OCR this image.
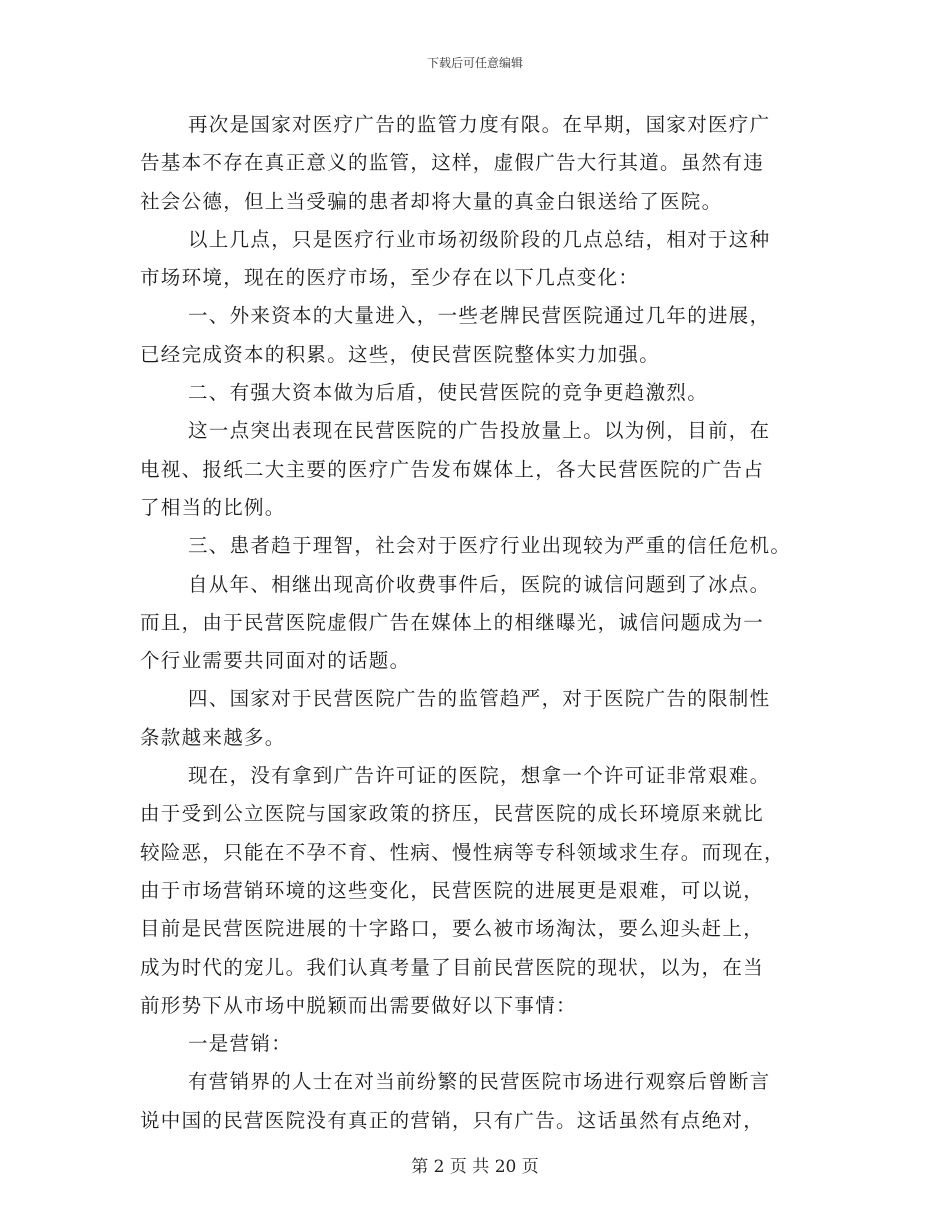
下载后可任意编辑

再次是国家对医疗广告的监管力度有限。在早期，国家对医疗广

告基本不存在真正意义的监管，这样，虚假广告大行其道。虽然有违

社会公德，但上当受骗的患者却将大量的真金白银送给了医院。

以上几点，只是医疗行业市场初级阶段的几点总结，相对于这种

市场环境，现在的医疗市场，至少存在以下几点变化：

一、外来资本的大量进入，一些老牌民营医院通过几年的进展，

已经完成资本的积累。这些，使民营医院整体实力加强。

二、有强大资本做为后盾，使民营医院的竞争更趋激烈。

这一点突出表现在民营医院的广告投放量上。以为例，目前，在

电视、报纸二大主要的医疗广告发布媒体上，各大民营医院的广告占

了相当的比例。

三、患者趋于理智，社会对于医疗行业出现较为严重的信任危机。

自从年、相继出现高价收费事件后，医院的诚信问题到了冰点。

而且，由于民营医院虚假广告在媒体上的相继曝光，诚信问题成为一

个行业需要共同面对的话题。

四、国家对于民营医院广告的监管趋严，对于医院广告的限制性

条款越来越多。

现在，没有拿到广告许可证的医院，想拿一个许可证非常艰难。

由于受到公立医院与国家政策的挤压，民营医院的成长环境原来就比

较险恶，只能在不孕不育、性病、慢性病等专科领域求生存。而现在，

由于市场营销环境的这些变化，民营医院的进展更是艰难，可以说，

目前是民营医院进展的十字路口，要么被市场淘汰，要么迎头赶上，

成为时代的宠儿。我们认真考量了目前民营医院的现状，以为，在当

前形势下从市场中脱颖而出需要做好以下事情：

一是营销：

有营销界的人士在对当前纷繁的民营医院市场进行观察后曾断言

说中国的民营医院没有真正的营销，只有广告。这话虽然有点绝对，

第 2 页 共 20 页
